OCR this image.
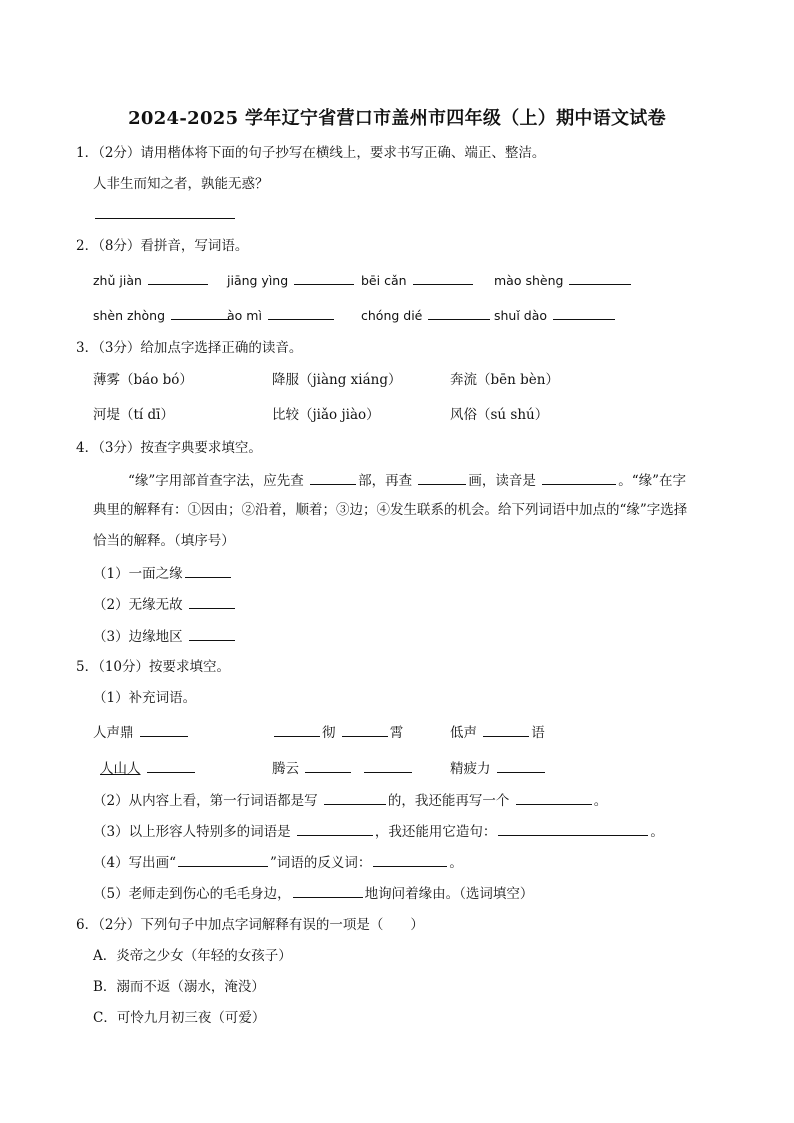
2024-2025 学年辽宁省营口市盖州市四年级（上）期中语文试卷
1．（2分）请用楷体将下面的句子抄写在横线上，要求书写正确、端正、整洁。
人非生而知之者，孰能无惑？
2．（8分）看拼音，写词语。
zhǔ jiàn	jiāng yìng	bēi cǎn	mào shèng
shèn zhòng	ào mì	chóng dié	shuǐ dào
3．（3分）给加点字选择正确的读音。
薄雾（báo bó）	降服（jiàng xiáng）	奔流（bēn bèn）
河堤（tí dī）	比较（jiǎo jiào）	风俗（sú shú）
4．（3分）按查字典要求填空。
“缘”字用部首查字法，应先查	部，再查	画，读音是	。“缘”在字
典里的解释有：①因由；②沿着，顺着；③边；④发生联系的机会。给下列词语中加点的“缘”字选择
恰当的解释。（填序号）
（1）一面之缘
（2）无缘无故
（3）边缘地区
5．（10分）按要求填空。
（1）补充词语。
人声鼎	彻	霄	低声	语
人山人	腾云	精疲力
（2）从内容上看，第一行词语都是写	的，我还能再写一个	。
（3）以上形容人特别多的词语是	，我还能用它造句：	。
（4）写出画“	”词语的反义词：	。
（5）老师走到伤心的毛毛身边，	地询问着缘由。（选词填空）
6．（2分）下列句子中加点字词解释有误的一项是（　　）
A．炎帝之少女（年轻的女孩子）
B．溺而不返（溺水，淹没）
C．可怜九月初三夜（可爱）
